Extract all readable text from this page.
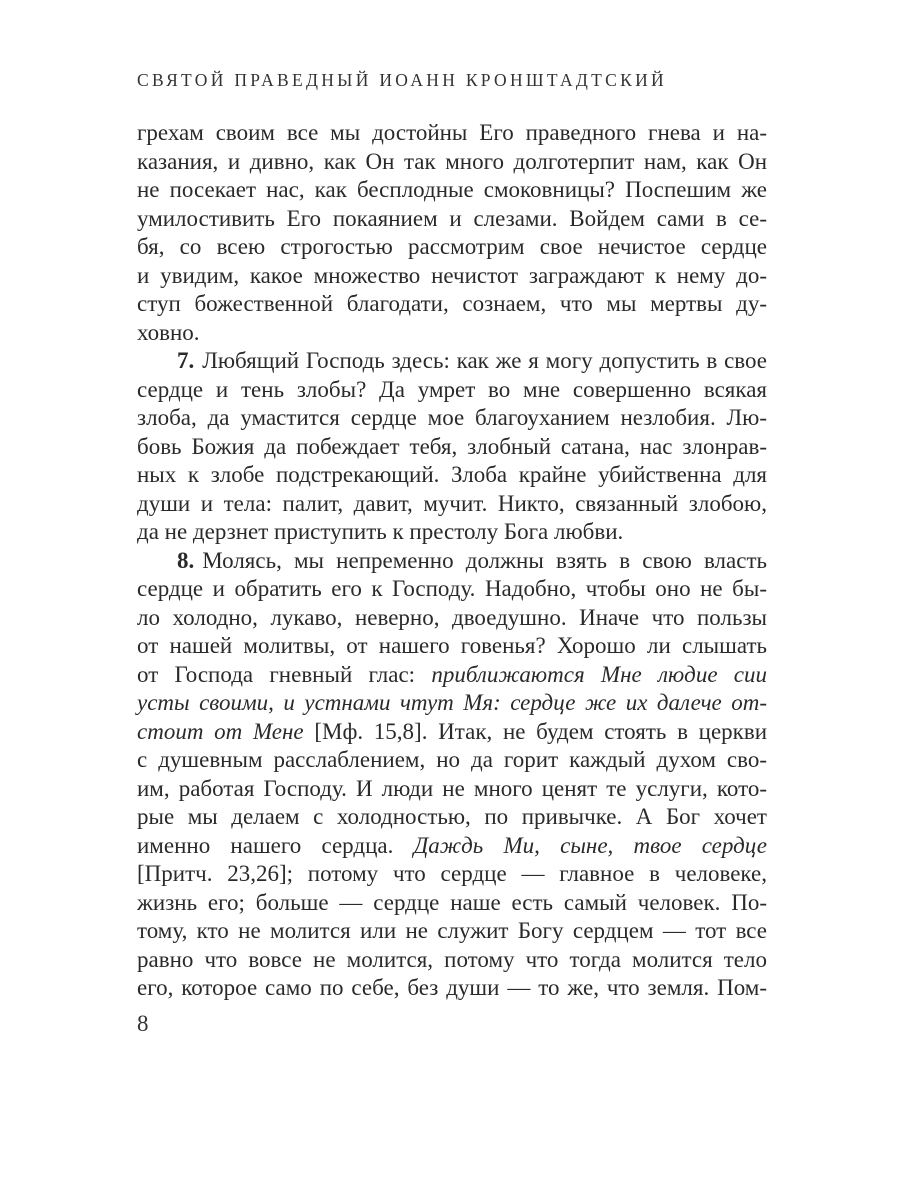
СВЯТОЙ ПРАВЕДНЫЙ ИОАНН КРОНШТАДТСКИЙ
грехам своим все мы достойны Его праведного гнева и на-
казания, и дивно, как Он так много долготерпит нам, как Он
не посекает нас, как бесплодные смоковницы? Поспешим же
умилостивить Его покаянием и слезами. Войдем сами в се-
бя, со всею строгостью рассмотрим свое нечистое сердце
и увидим, какое множество нечистот заграждают к нему до-
ступ божественной благодати, сознаем, что мы мертвы ду-
ховно.
7. Любящий Господь здесь: как же я могу допустить в свое
сердце и тень злобы? Да умрет во мне совершенно всякая
злоба, да умастится сердце мое благоуханием незлобия. Лю-
бовь Божия да побеждает тебя, злобный сатана, нас злонрав-
ных к злобе подстрекающий. Злоба крайне убийственна для
души и тела: палит, давит, мучит. Никто, связанный злобою,
да не дерзнет приступить к престолу Бога любви.
8. Молясь, мы непременно должны взять в свою власть
сердце и обратить его к Господу. Надобно, чтобы оно не бы-
ло холодно, лукаво, неверно, двоедушно. Иначе что пользы
от нашей молитвы, от нашего говенья? Хорошо ли слышать
от Господа гневный глас: приближаются Мне людие сии
усты своими, и устнами чтут Мя: сердце же их далече от-
стоит от Мене [Мф. 15,8]. Итак, не будем стоять в церкви
с душевным расслаблением, но да горит каждый духом сво-
им, работая Господу. И люди не много ценят те услуги, кото-
рые мы делаем с холодностью, по привычке. А Бог хочет
именно нашего сердца. Даждь Ми, сыне, твое сердце
[Притч. 23,26]; потому что сердце — главное в человеке,
жизнь его; больше — сердце наше есть самый человек. По-
тому, кто не молится или не служит Богу сердцем — тот все
равно что вовсе не молится, потому что тогда молится тело
его, которое само по себе, без души — то же, что земля. Пом-
8
